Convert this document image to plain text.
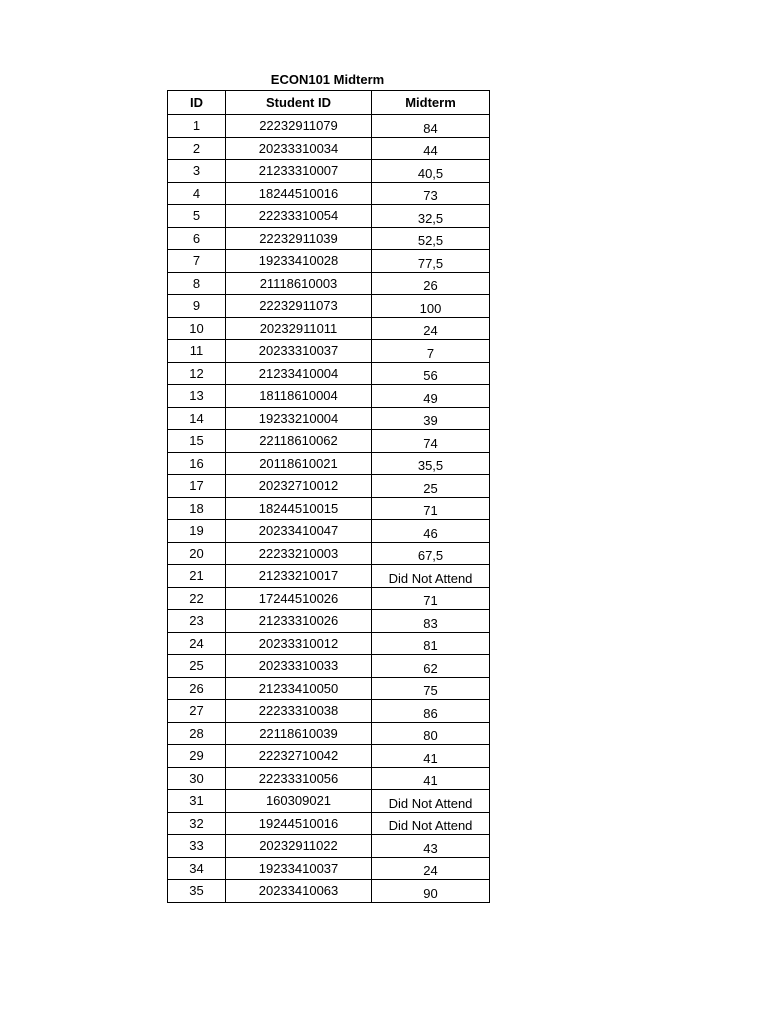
ECON101 Midterm
ID	Student ID	Midterm
1	22232911079	84
2	20233310034	44
3	21233310007	40,5
4	18244510016	73
5	22233310054	32,5
6	22232911039	52,5
7	19233410028	77,5
8	21118610003	26
9	22232911073	100
10	20232911011	24
11	20233310037	7
12	21233410004	56
13	18118610004	49
14	19233210004	39
15	22118610062	74
16	20118610021	35,5
17	20232710012	25
18	18244510015	71
19	20233410047	46
20	22233210003	67,5
21	21233210017	Did Not Attend
22	17244510026	71
23	21233310026	83
24	20233310012	81
25	20233310033	62
26	21233410050	75
27	22233310038	86
28	22118610039	80
29	22232710042	41
30	22233310056	41
31	160309021	Did Not Attend
32	19244510016	Did Not Attend
33	20232911022	43
34	19233410037	24
35	20233410063	90
